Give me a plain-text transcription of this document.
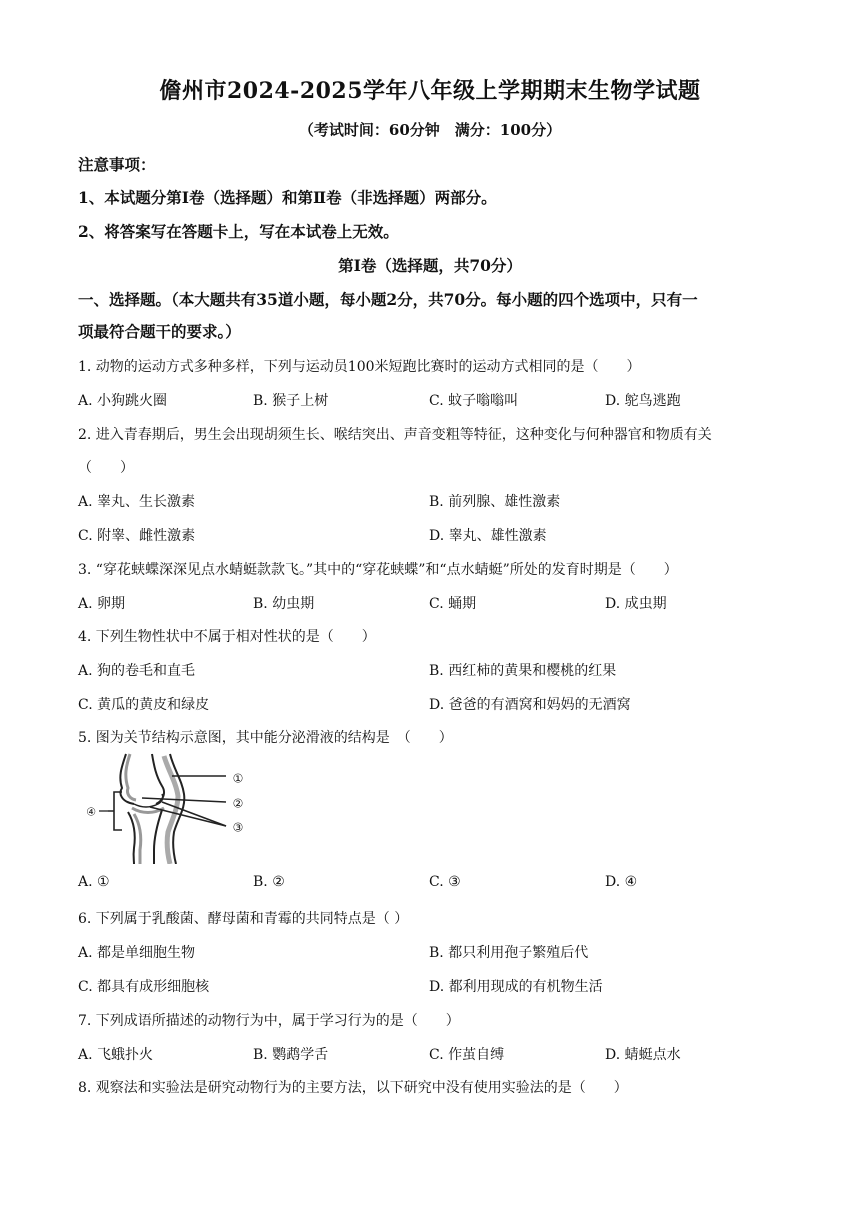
儋州市2024-2025学年八年级上学期期末生物学试题
（考试时间：60分钟　满分：100分）
注意事项：
1、本试题分第Ⅰ卷（选择题）和第Ⅱ卷（非选择题）两部分。
2、将答案写在答题卡上，写在本试卷上无效。
第Ⅰ卷（选择题，共70分）
一、选择题。（本大题共有35道小题，每小题2分，共70分。每小题的四个选项中，只有一
项最符合题干的要求。）
1. 动物的运动方式多种多样，下列与运动员100米短跑比赛时的运动方式相同的是（　　）
A. 小狗跳火圈	B. 猴子上树	C. 蚊子嗡嗡叫	D. 鸵鸟逃跑
2. 进入青春期后，男生会出现胡须生长、喉结突出、声音变粗等特征，这种变化与何种器官和物质有关
（　　）
A. 睾丸、生长激素	B. 前列腺、雄性激素
C. 附睾、雌性激素	D. 睾丸、雄性激素
3. “穿花蛱蝶深深见点水蜻蜓款款飞。”其中的“穿花蛱蝶”和“点水蜻蜓”所处的发育时期是（　　）
A. 卵期	B. 幼虫期	C. 蛹期	D. 成虫期
4. 下列生物性状中不属于相对性状的是（　　）
A. 狗的卷毛和直毛	B. 西红柿的黄果和樱桃的红果
C. 黄瓜的黄皮和绿皮	D. 爸爸的有酒窝和妈妈的无酒窝
5. 图为关节结构示意图，其中能分泌滑液的结构是　（　　）
④
①
②
③
A. ①	B. ②	C. ③	D. ④
6. 下列属于乳酸菌、酵母菌和青霉的共同特点是（ ）
A. 都是单细胞生物	B. 都只利用孢子繁殖后代
C. 都具有成形细胞核	D. 都利用现成的有机物生活
7. 下列成语所描述的动物行为中，属于学习行为的是（　　）
A. 飞蛾扑火	B. 鹦鹉学舌	C. 作茧自缚	D. 蜻蜓点水
8. 观察法和实验法是研究动物行为的主要方法，以下研究中没有使用实验法的是（　　）
